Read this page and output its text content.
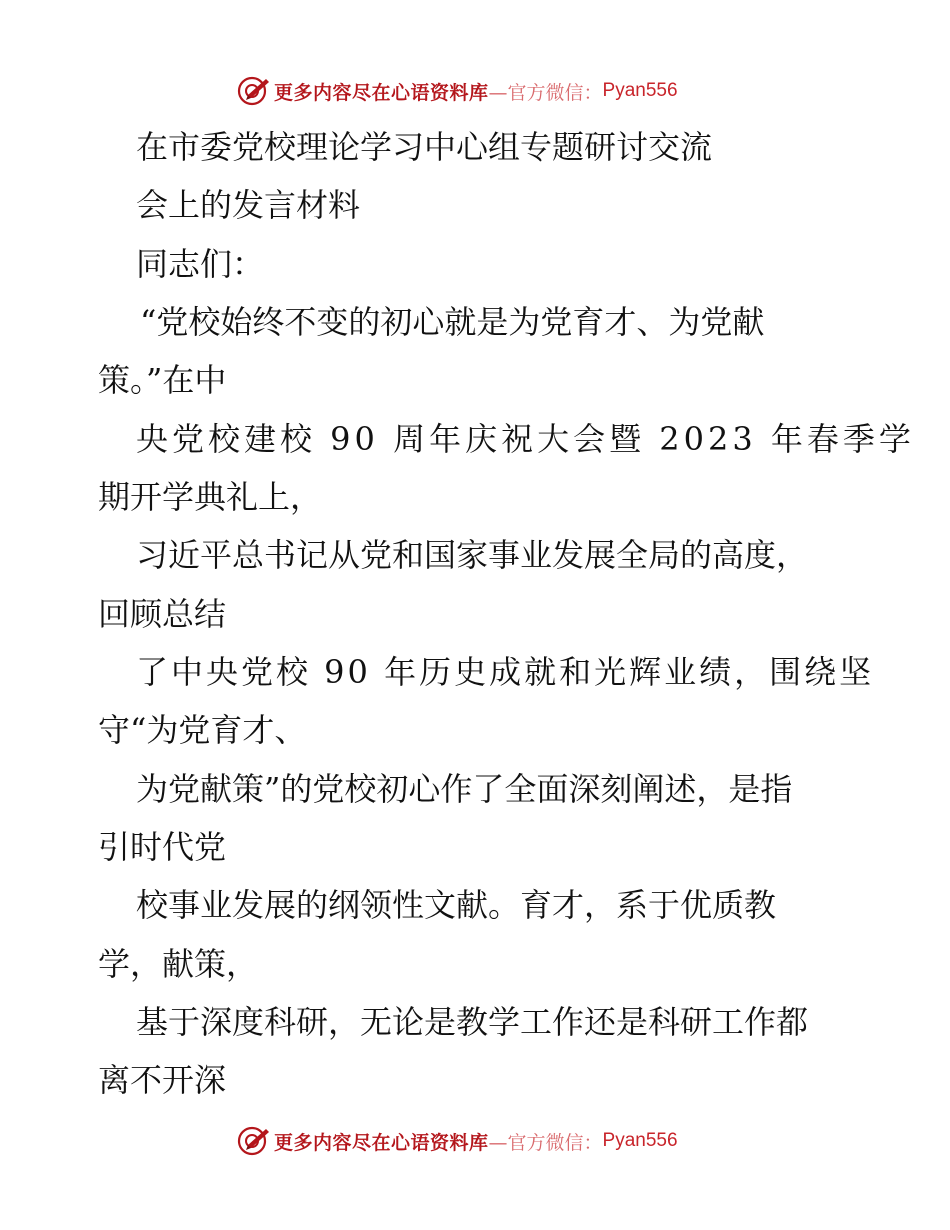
更多内容尽在心语资料库 —官方微信： Pyan556

在市委党校理论学习中心组专题研讨交流

会上的发言材料

同志们：

“党校始终不变的初心就是为党育才、为党献

策。”在中

央党校建校 90 周年庆祝大会暨 2023 年春季学

期开学典礼上，

习近平总书记从党和国家事业发展全局的高度，

回顾总结

了中央党校 90 年历史成就和光辉业绩，围绕坚

守“为党育才、

为党献策”的党校初心作了全面深刻阐述，是指

引时代党

校事业发展的纲领性文献。育才，系于优质教

学，献策，

基于深度科研，无论是教学工作还是科研工作都

离不开深

更多内容尽在心语资料库 —官方微信： Pyan556
